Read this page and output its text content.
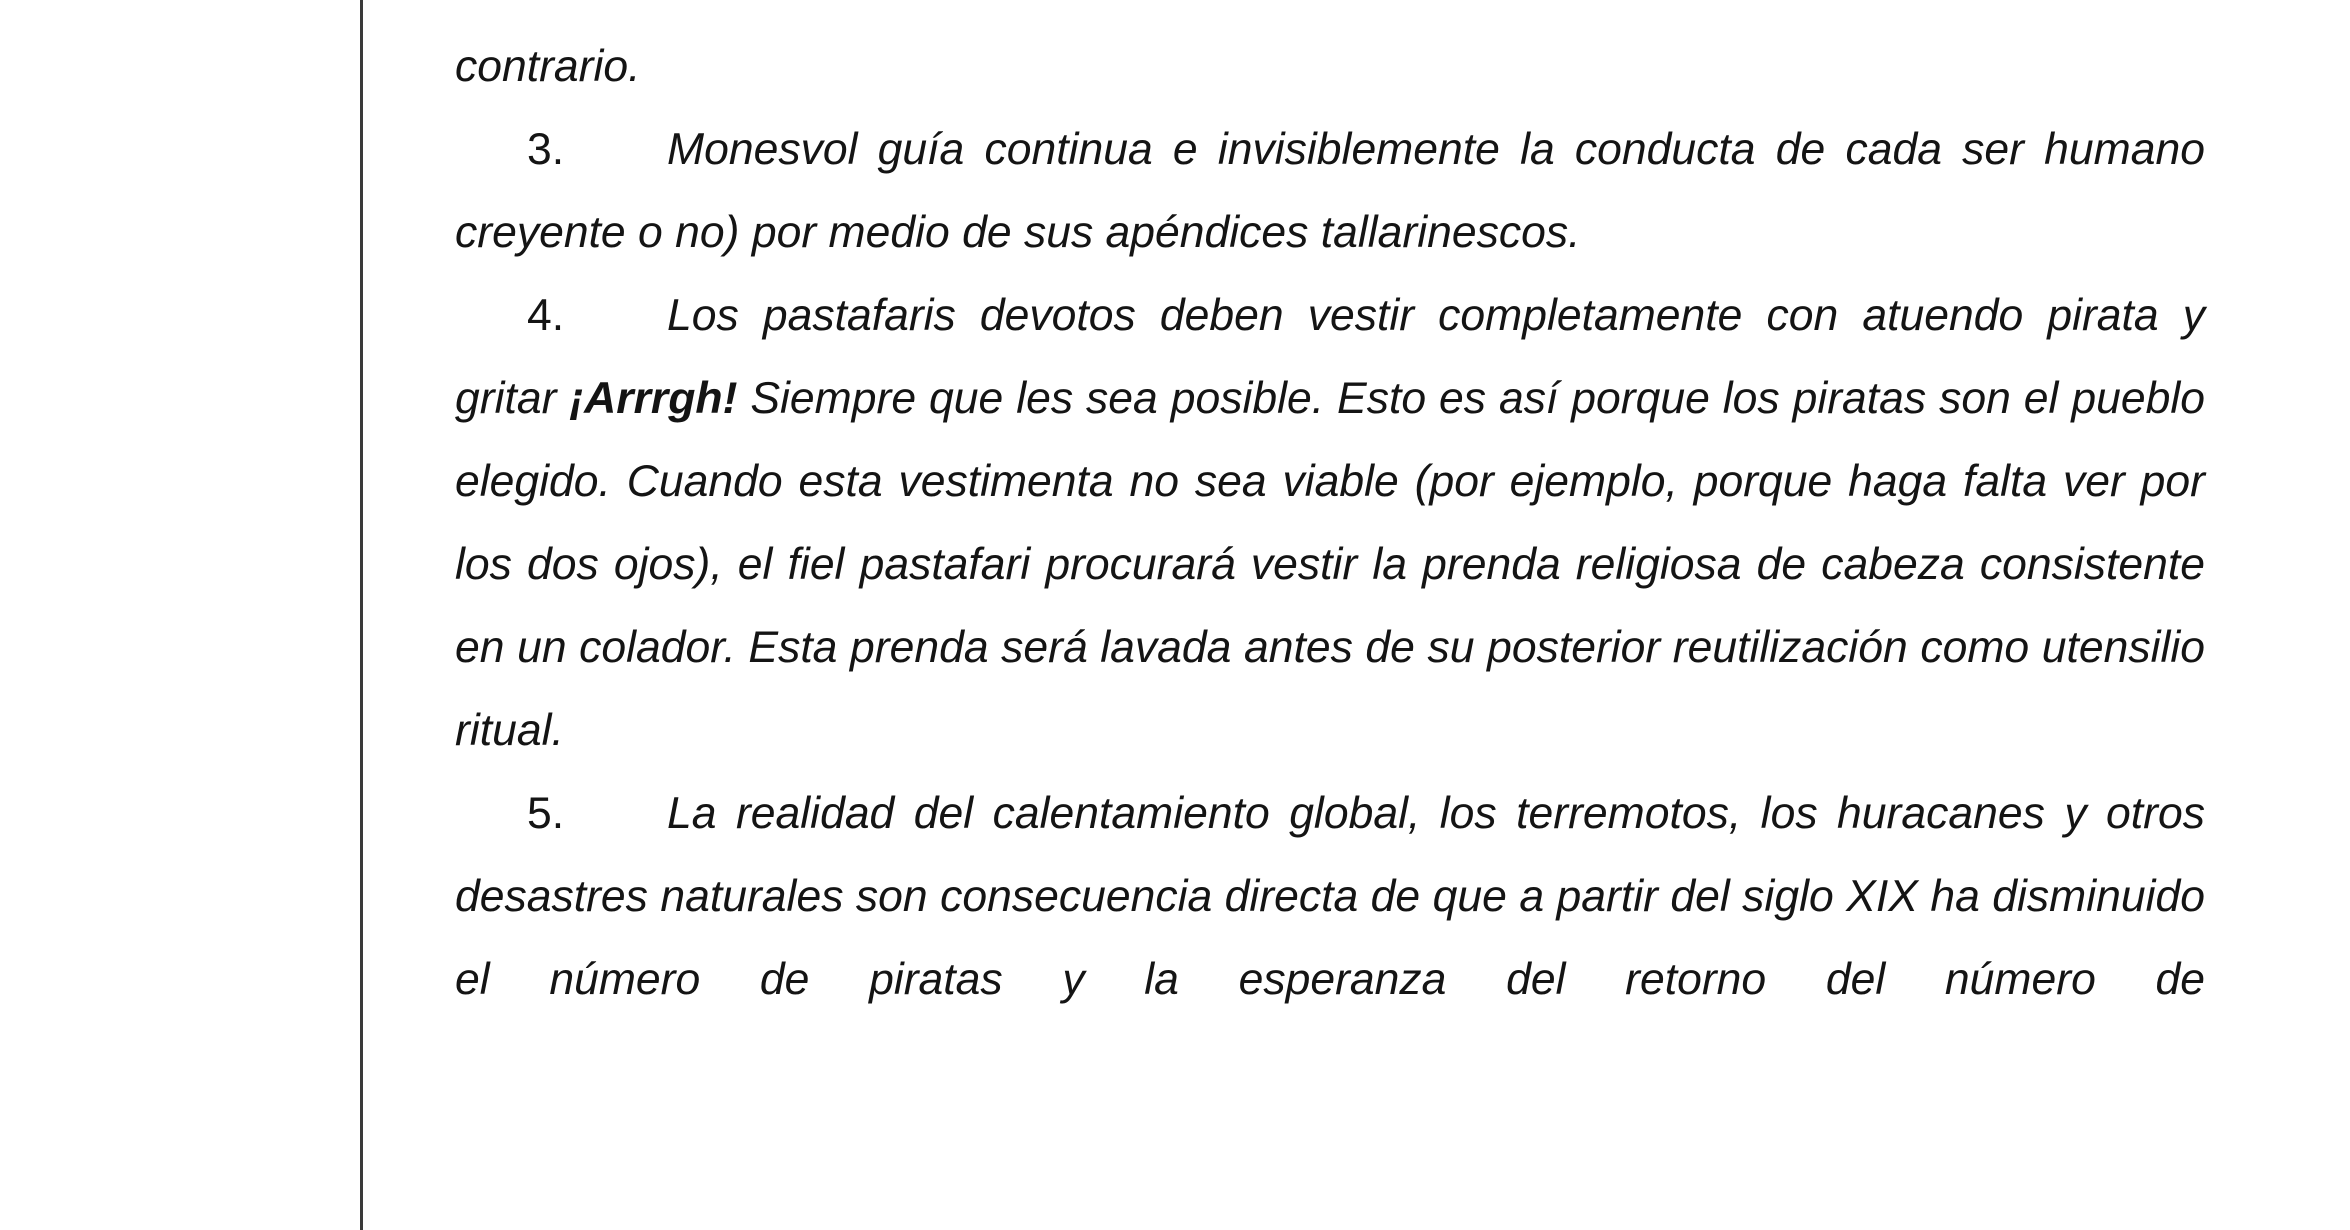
contrario.

3. Monesvol guía continua e invisiblemente la conducta de cada ser humano creyente o no) por medio de sus apéndices tallarinescos.

4. Los pastafaris devotos deben vestir completamente con atuendo pirata y gritar ¡Arrrgh! Siempre que les sea posible. Esto es así porque los piratas son el pueblo elegido. Cuando esta vestimenta no sea viable (por ejemplo, porque haga falta ver por los dos ojos), el fiel pastafari procurará vestir la prenda religiosa de cabeza consistente en un colador. Esta prenda será lavada antes de su posterior reutilización como utensilio ritual.

5. La realidad del calentamiento global, los terremotos, los huracanes y otros desastres naturales son consecuencia directa de que a partir del siglo XIX ha disminuido el número de piratas y la esperanza del retorno del número de
